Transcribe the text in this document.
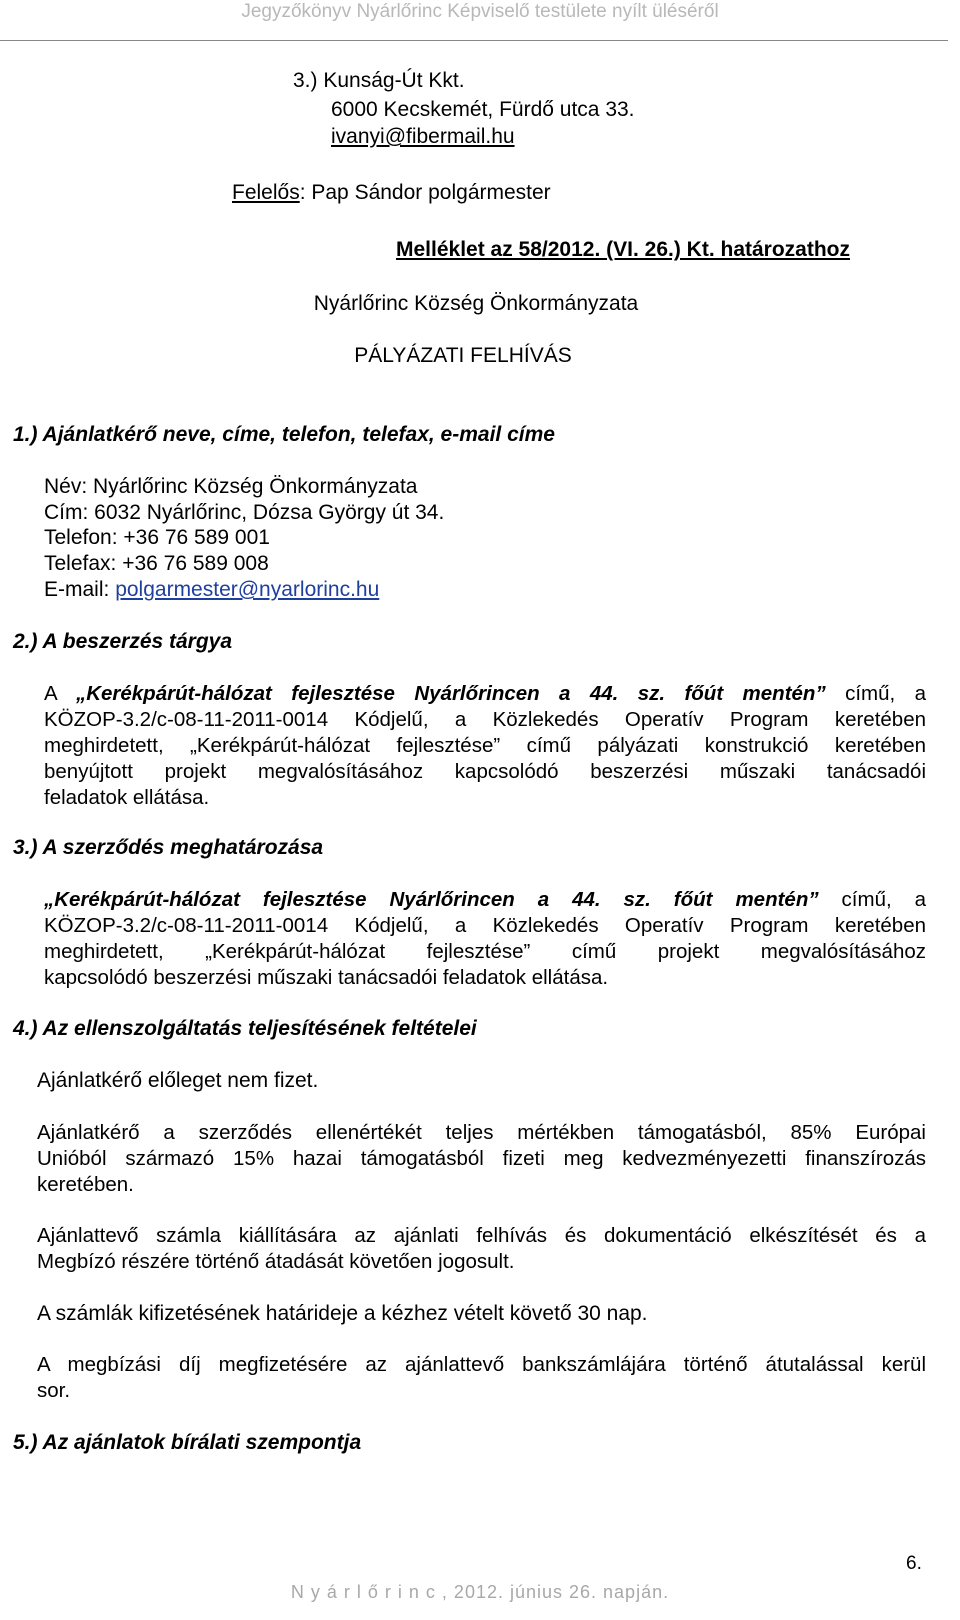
Jegyzőkönyv Nyárlőrinc Képviselő testülete nyílt üléséről
3.) Kunság-Út Kkt.
6000 Kecskemét, Fürdő utca 33.
ivanyi@fibermail.hu
Felelős: Pap Sándor polgármester
Melléklet az 58/2012. (VI. 26.) Kt. határozathoz
Nyárlőrinc Község Önkormányzata
PÁLYÁZATI FELHÍVÁS
1.) Ajánlatkérő neve, címe, telefon, telefax, e-mail címe
Név: Nyárlőrinc Község Önkormányzata
Cím: 6032 Nyárlőrinc, Dózsa György út 34.
Telefon: +36 76 589 001
Telefax: +36 76 589 008
E-mail: polgarmester@nyarlorinc.hu
2.) A beszerzés tárgya
A „Kerékpárút-hálózat fejlesztése Nyárlőrincen a 44. sz. főút mentén” című, a
KÖZOP-3.2/c-08-11-2011-0014 Kódjelű, a Közlekedés Operatív Program keretében
meghirdetett, „Kerékpárút-hálózat fejlesztése” című pályázati konstrukció keretében
benyújtott projekt megvalósításához kapcsolódó beszerzési műszaki tanácsadói
feladatok ellátása.
3.) A szerződés meghatározása
„Kerékpárút-hálózat fejlesztése Nyárlőrincen a 44. sz. főút mentén” című, a
KÖZOP-3.2/c-08-11-2011-0014 Kódjelű, a Közlekedés Operatív Program keretében
meghirdetett, „Kerékpárút-hálózat fejlesztése” című projekt megvalósításához
kapcsolódó beszerzési műszaki tanácsadói feladatok ellátása.
4.) Az ellenszolgáltatás teljesítésének feltételei
Ajánlatkérő előleget nem fizet.
Ajánlatkérő a szerződés ellenértékét teljes mértékben támogatásból, 85% Európai
Unióból származó 15% hazai támogatásból fizeti meg kedvezményezetti finanszírozás
keretében.
Ajánlattevő számla kiállítására az ajánlati felhívás és dokumentáció elkészítését és a
Megbízó részére történő átadását követően jogosult.
A számlák kifizetésének határideje a kézhez vételt követő 30 nap.
A megbízási díj megfizetésére az ajánlattevő bankszámlájára történő átutalással kerül
sor.
5.) Az ajánlatok bírálati szempontja
6.
N y á r l ő r i n c , 2012. június 26. napján.
